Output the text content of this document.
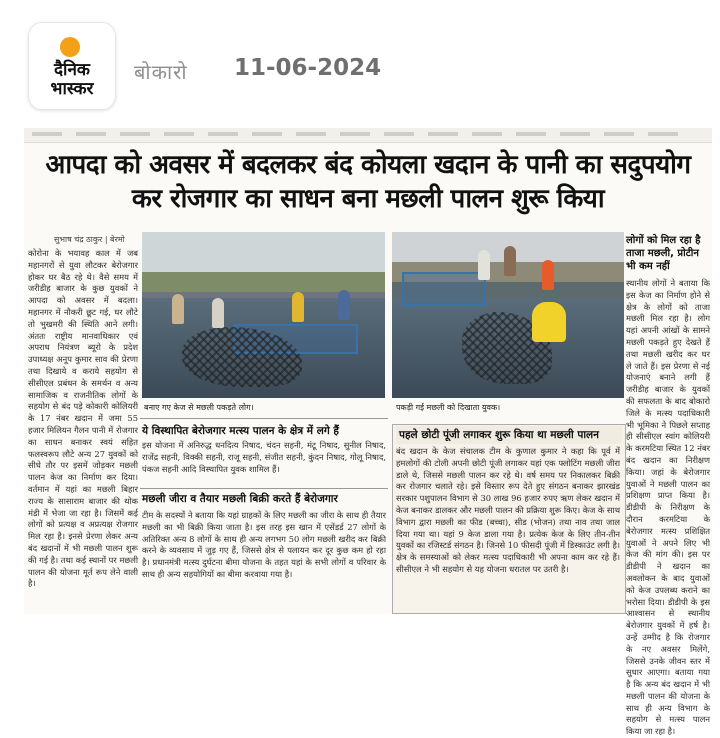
दैनिक
भास्कर
बोकारो 11-06-2024
आपदा को अवसर में बदलकर बंद कोयला खदान के पानी का सदुपयोग कर रोजगार का साधन बना मछली पालन शुरू किया
सुभाष चंद्र ठाकुर | बेरमो
कोरोना के भयावह काल में जब महानगरों से युवा लौटकर बेरोजगार होकर घर बैठ रहे थे। वैसे समय में जरीडीह बाजार के कुछ युवकों ने आपदा को अवसर में बदला। महानगर में नौकरी छूट गई, घर लौटे तो भुखमरी की स्थिति आने लगी। अंततः राष्ट्रीय मानवाधिकार एवं अपराध नियंत्रण ब्यूरो के प्रदेश उपाध्यक्ष अनूप कुमार साव की प्रेरणा तथा दिखाये व कराये सहयोग से सीसीएल प्रबंधन के समर्थन व अन्य सामाजिक व राजनीतिक लोगों के सहयोग से बंद पड़े कोकारी कोलियरी के 17 नंबर खदान में जमा 55 हजार मिलियन गैलन पानी में रोजगार का साधन बनाकर स्वयं सहित फलस्वरूप लौटे अन्य 27 युवकों को सीधे तौर पर इसमें जोड़कर मछली पालन केज का निर्माण कर दिया। वर्तमान में यहां का मछली बिहार राज्य के सासाराम बाजार की थोक मंडी में भेजा जा रहा है। जिसमें कई लोगों को प्रत्यक्ष व अप्रत्यक्ष रोजगार मिल रहा है। इनसे प्रेरणा लेकर अन्य बंद खदानों में भी मछली पालन शुरू की गई है। तथा कई स्थानों पर मछली पालन की योजना मूर्त रूप लेने वाली है।
बनाए गए केज से मछली पकड़ते लोग।	पकड़ी गई मछली को दिखाता युवक।
लोगों को मिल रहा है ताजा मछली, प्रोटीन भी कम नहीं
स्थानीय लोगों ने बताया कि इस केज का निर्माण होने से क्षेत्र के लोगों को ताजा मछली मिल रहा है। लोग यहां अपनी आंखों के सामने मछली पकड़ते हुए देखते हैं तथा मछली खरीद कर घर ले जाते हैं। इस प्रेरणा से नई योजनाएं बनाने लगी हैं जरीडीह बाजार के युवकों की सफलता के बाद बोकारो जिले के मत्स्य पदाधिकारी भी भूमिका ने पिछले सप्ताह ही सीसीएल स्वांग कोलियरी के करमटिया स्थित 12 नंबर बंद खदान का निरीक्षण किया। जहां के बेरोजगार युवाओं ने मछली पालन का प्रशिक्षण प्राप्त किया है। डीडीपी के निरीक्षण के दौरान करमटिया के बेरोजगार मत्स्य प्रशिक्षित युवाओं ने अपने लिए भी केज की मांग की। इस पर डीडीपी ने खदान का अवलोकन के बाद युवाओं को केज उपलब्ध कराने का भरोसा दिया। डीडीपी के इस आश्वासन से स्थानीय बेरोजगार युवकों में हर्ष है। उन्हें उम्मीद है कि रोजगार के नए अवसर मिलेंगे, जिससे उनके जीवन स्तर में सुधार आएगा। बताया गया है कि अन्य बंद खदान में भी मछली पालन की योजना के साथ ही अन्य विभाग के सहयोग से मत्स्य पालन किया जा रहा है।
ये विस्थापित बेरोजगार मत्स्य पालन के क्षेत्र में लगे हैं
इस योजना में अनिरुद्ध धनदित्य निषाद, चंदन सहनी, मंटू निषाद, सुनील निषाद, राजेंद्र सहनी, विक्की सहनी, राजू सहनी, संजीत सहनी, कुंदन निषाद, गोलू निषाद, पंकज सहनी आदि विस्थापित युवक शामिल हैं।
मछली जीरा व तैयार मछली बिक्री करते हैं बेरोजगार
टीम के सदस्यों ने बताया कि यहां ग्राहकों के लिए मछली का जीरा के साथ ही तैयार मछली का भी बिक्री किया जाता है। इस तरह इस खान में एसेंडर्ड 27 लोगों के अतिरिक्त अन्य 8 लोगों के साथ ही अन्य लगभग 50 लोग मछली खरीद कर बिक्री करने के व्यवसाय में जुड़ गए हैं, जिससे क्षेत्र से पलायन कर दूर कुछ कम हो रहा है। प्रधानमंत्री मत्स्य दुर्घटना बीमा योजना के तहत यहां के सभी लोगों व परिवार के साथ ही अन्य सहयोगियों का बीमा करवाया गया है।
पहले छोटी पूंजी लगाकर शुरू किया था मछली पालन
बंद खदान के केज संचालक टीम के कुणाल कुमार ने कहा कि पूर्व में हमलोगों की टोली अपनी छोटी पूंजी लगाकर यहां एक फ्लोटिंग मछली जीरा डाले थे, जिससे मछली पालन कर रहे थे। वर्ष समय पर निकालकर बिक्री कर रोजगार चलाते रहे। इसे विस्तार रूप देते हुए संगठन बनाकर झारखंड सरकार पशुपालन विभाग से 30 लाख 96 हजार रुपए ऋण लेकर खदान में केज बनाकर डालकर और मछली पालन की प्रक्रिया शुरू किए। केज के साथ विभाग द्वारा मछली का फीड (बच्चा), सीड (भोजन) तथा नाव तथा जाल दिया गया था। यहां 9 केज डाला गया है। प्रत्येक केज के लिए तीन-तीन युवकों का रजिस्टर्ड संगठन है। जिनसे 10 फीसदी पूंजी में डिस्काउंट लगी है। क्षेत्र के समस्याओं को लेकर मत्स्य पदाधिकारी भी अपना काम कर रहे हैं। सीसीएल ने भी सहयोग से यह योजना धरातल पर उतरी है।
